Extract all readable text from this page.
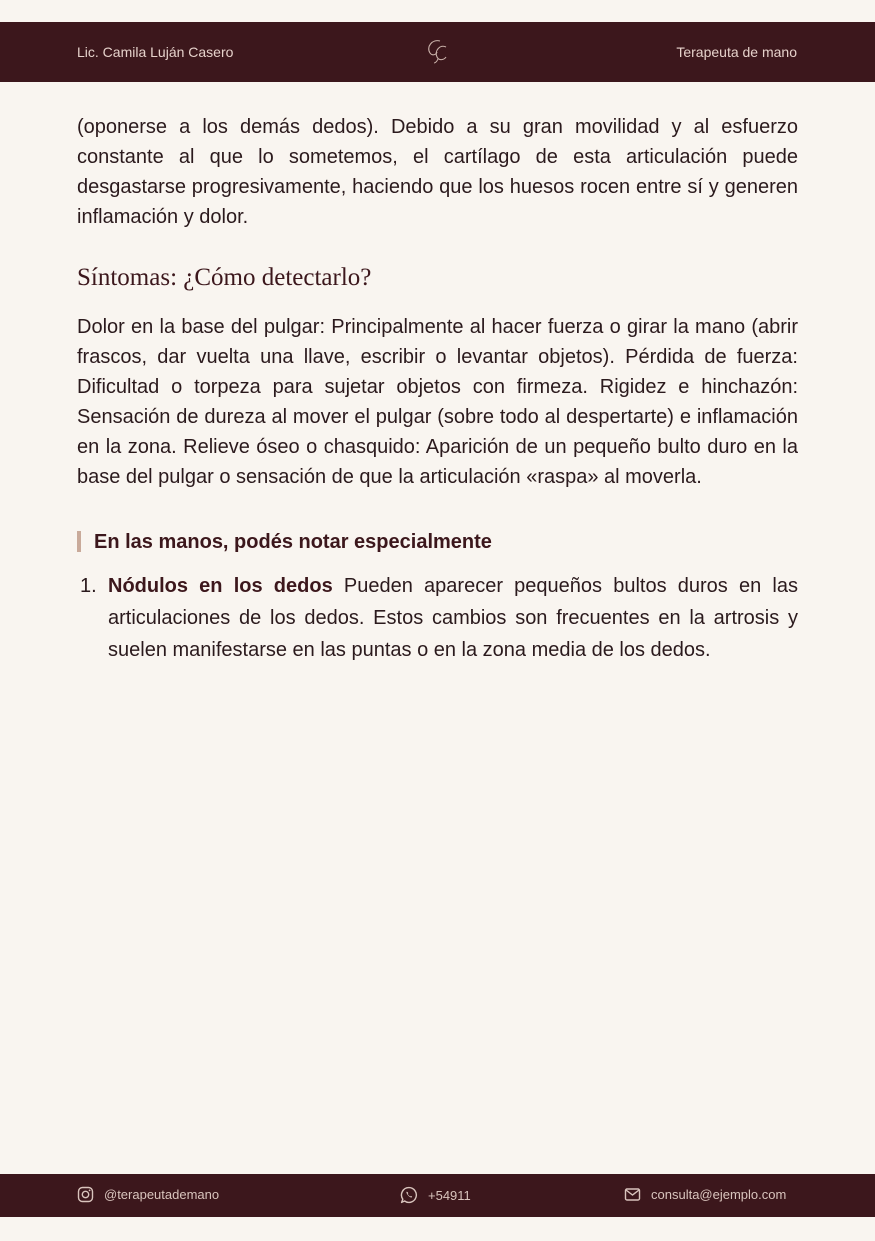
Lic. Camila Luján Casero	Terapeuta de mano

(oponerse a los demás dedos). Debido a su gran movilidad y al esfuerzo constante al que lo sometemos, el cartílago de esta articulación puede desgastarse progresivamente, haciendo que los huesos rocen entre sí y generen inflamación y dolor.

Síntomas: ¿Cómo detectarlo?

Dolor en la base del pulgar: Principalmente al hacer fuerza o girar la mano (abrir frascos, dar vuelta una llave, escribir o levantar objetos). Pérdida de fuerza: Dificultad o torpeza para sujetar objetos con firmeza. Rigidez e hinchazón: Sensación de dureza al mover el pulgar (sobre todo al despertarte) e inflamación en la zona. Relieve óseo o chasquido: Aparición de un pequeño bulto duro en la base del pulgar o sensación de que la articulación «raspa» al moverla.

En las manos, podés notar especialmente
1. Nódulos en los dedos Pueden aparecer pequeños bultos duros en las articulaciones de los dedos. Estos cambios son frecuentes en la artrosis y suelen manifestarse en las puntas o en la zona media de los dedos.
@terapeutademano	+54911	consulta@ejemplo.com
